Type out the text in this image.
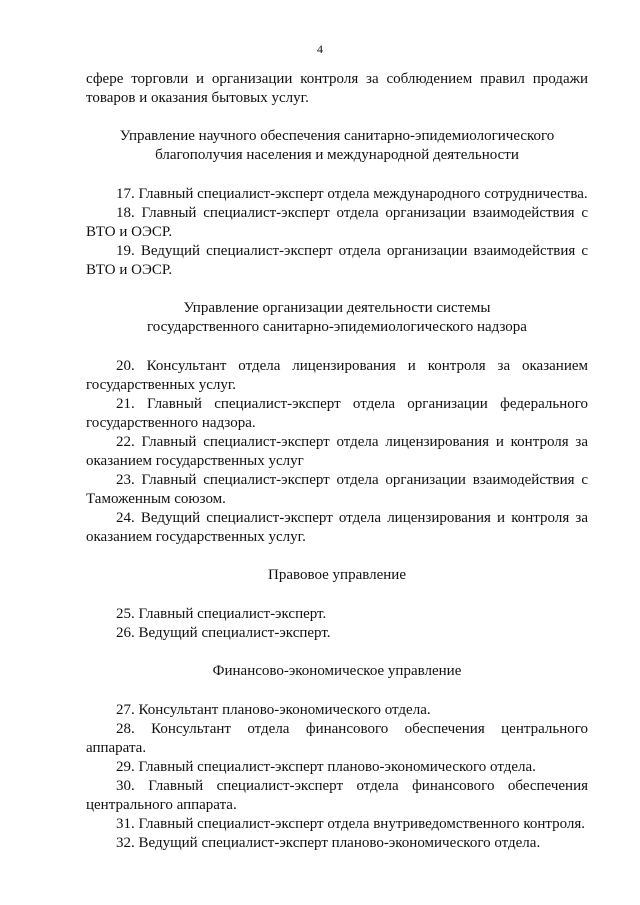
4

сфере торговли и организации контроля за соблюдением правил продажи товаров и оказания бытовых услуг.

Управление научного обеспечения санитарно-эпидемиологического

благополучия населения и международной деятельности

17. Главный специалист-эксперт отдела международного сотрудничества.

18. Главный специалист-эксперт отдела организации взаимодействия с ВТО и ОЭСР.

19. Ведущий специалист-эксперт отдела организации взаимодействия с ВТО и ОЭСР.

Управление организации деятельности системы

государственного санитарно-эпидемиологического надзора

20. Консультант отдела лицензирования и контроля за оказанием государственных услуг.

21. Главный специалист-эксперт отдела организации федерального государственного надзора.

22. Главный специалист-эксперт отдела лицензирования и контроля за оказанием государственных услуг

23. Главный специалист-эксперт отдела организации взаимодействия с Таможенным союзом.

24. Ведущий специалист-эксперт отдела лицензирования и контроля за оказанием государственных услуг.

Правовое управление

25. Главный специалист-эксперт.

26. Ведущий специалист-эксперт.

Финансово-экономическое управление

27. Консультант планово-экономического отдела.

28. Консультант отдела финансового обеспечения центрального аппарата.

29. Главный специалист-эксперт планово-экономического отдела.

30. Главный специалист-эксперт отдела финансового обеспечения центрального аппарата.

31. Главный специалист-эксперт отдела внутриведомственного контроля.

32. Ведущий специалист-эксперт планово-экономического отдела.
